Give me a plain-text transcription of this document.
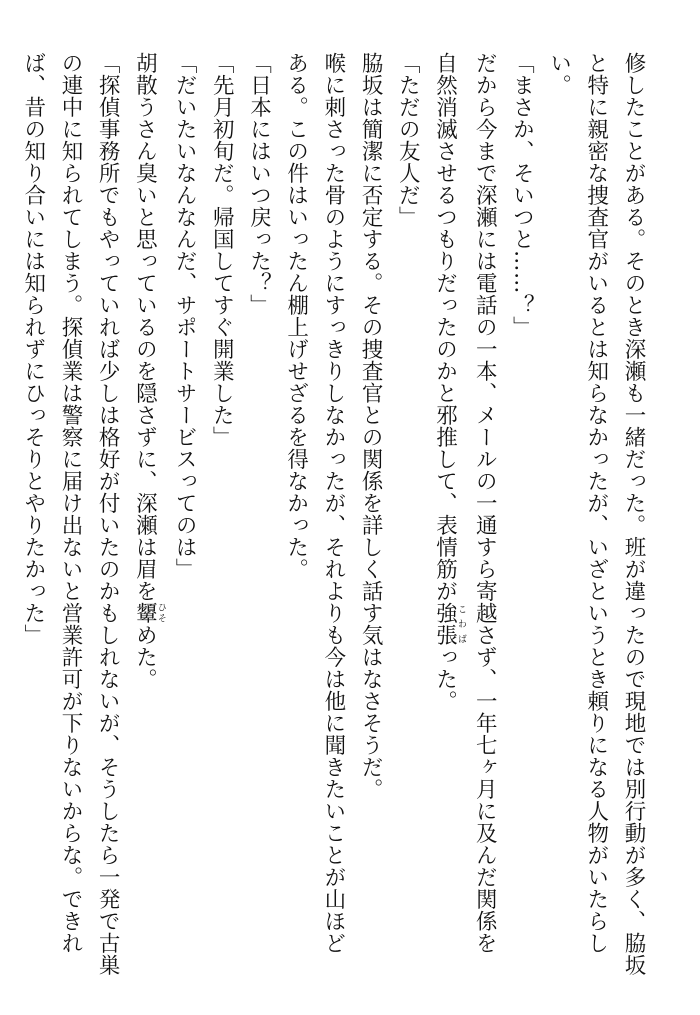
修したことがある。そのとき深瀬も一緒だった。班が違ったので現地では別行動が多く、脇坂

と特に親密な捜査官がいるとは知らなかったが、いざというとき頼りになる人物がいたらし

い。

「まさか、そいつと……？」

だから今まで深瀬には電話の一本、メールの一通すら寄越さず、一年七ヶ月に及んだ関係を

自然消滅させるつもりだったのかと邪推して、表情筋が強張こわばった。

「ただの友人だ」

脇坂は簡潔に否定する。その捜査官との関係を詳しく話す気はなさそうだ。

喉に刺さった骨のようにすっきりしなかったが、それよりも今は他に聞きたいことが山ほど

ある。この件はいったん棚上げせざるを得なかった。

「日本にはいつ戻った？」

「先月初旬だ。帰国してすぐ開業した」

「だいたいなんなんだ、サポートサービスってのは」

胡散うさん臭いと思っているのを隠さずに、深瀬は眉を顰ひそめた。

「探偵事務所でもやっていれば少しは格好が付いたのかもしれないが、そうしたら一発で古巣

の連中に知られてしまう。探偵業は警察に届け出ないと営業許可が下りないからな。できれ

ば、昔の知り合いには知られずにひっそりとやりたかった」
